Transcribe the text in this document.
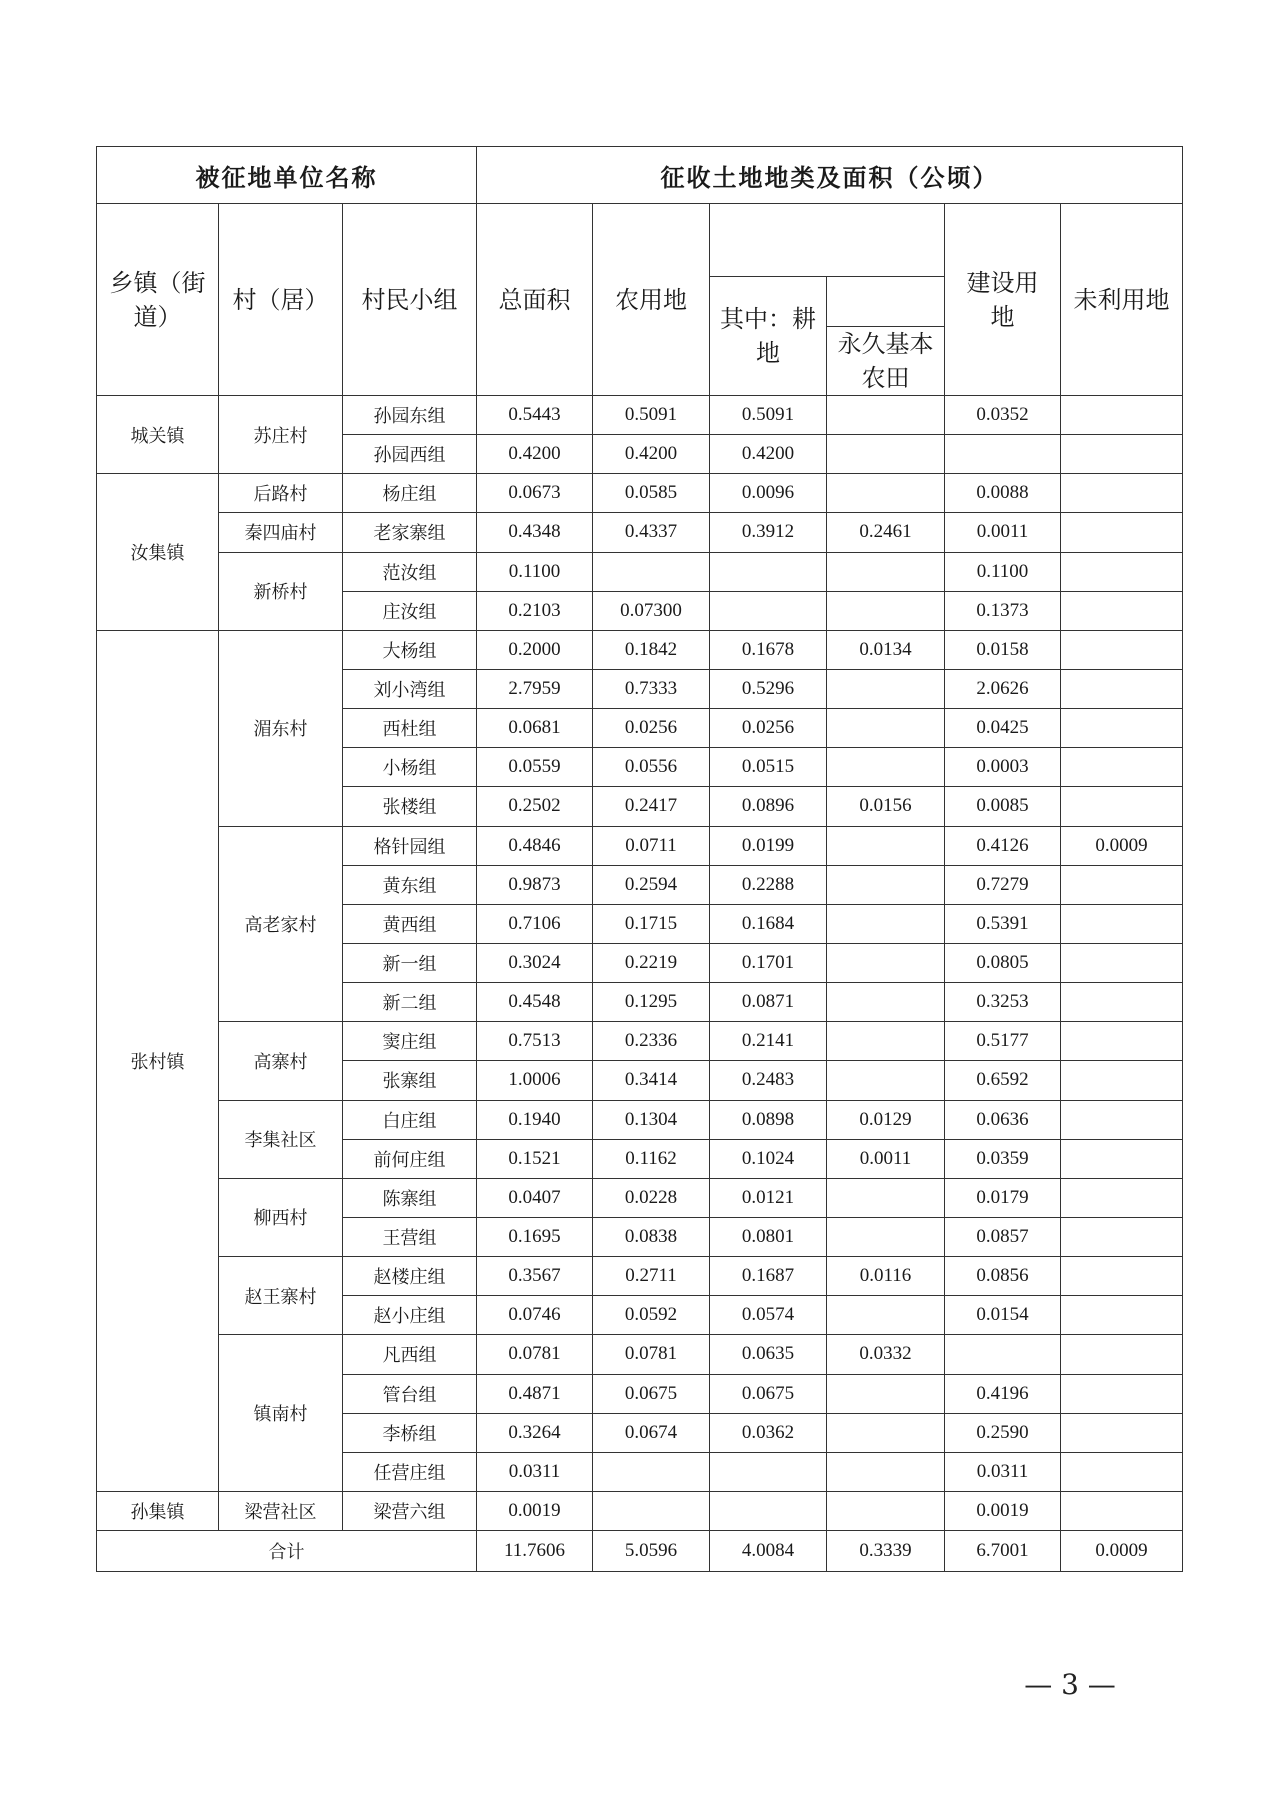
被征地单位名称			征收土地地类及面积（公顷）					
乡镇（街道）	村（居）	村民小组	总面积	农用地			建设用地	未利用地
					其中：耕地			
						永久基本农田		
城关镇	苏庄村	孙园东组	0.5443	0.5091	0.5091		0.0352	
		孙园西组	0.4200	0.4200	0.4200			
汝集镇	后路村	杨庄组	0.0673	0.0585	0.0096		0.0088	
	秦四庙村	老家寨组	0.4348	0.4337	0.3912	0.2461	0.0011	
	新桥村	范汝组	0.1100				0.1100	
		庄汝组	0.2103	0.07300			0.1373	
张村镇	湄东村	大杨组	0.2000	0.1842	0.1678	0.0134	0.0158	
		刘小湾组	2.7959	0.7333	0.5296		2.0626	
		西杜组	0.0681	0.0256	0.0256		0.0425	
		小杨组	0.0559	0.0556	0.0515		0.0003	
		张楼组	0.2502	0.2417	0.0896	0.0156	0.0085	
	高老家村	格针园组	0.4846	0.0711	0.0199		0.4126	0.0009
		黄东组	0.9873	0.2594	0.2288		0.7279	
		黄西组	0.7106	0.1715	0.1684		0.5391	
		新一组	0.3024	0.2219	0.1701		0.0805	
		新二组	0.4548	0.1295	0.0871		0.3253	
	高寨村	窦庄组	0.7513	0.2336	0.2141		0.5177	
		张寨组	1.0006	0.3414	0.2483		0.6592	
	李集社区	白庄组	0.1940	0.1304	0.0898	0.0129	0.0636	
		前何庄组	0.1521	0.1162	0.1024	0.0011	0.0359	
	柳西村	陈寨组	0.0407	0.0228	0.0121		0.0179	
		王营组	0.1695	0.0838	0.0801		0.0857	
	赵王寨村	赵楼庄组	0.3567	0.2711	0.1687	0.0116	0.0856	
		赵小庄组	0.0746	0.0592	0.0574		0.0154	
	镇南村	凡西组	0.0781	0.0781	0.0635	0.0332		
		管台组	0.4871	0.0675	0.0675		0.4196	
		李桥组	0.3264	0.0674	0.0362		0.2590	
		任营庄组	0.0311				0.0311	
孙集镇	梁营社区	梁营六组	0.0019				0.0019	
合计			11.7606	5.0596	4.0084	0.3339	6.7001	0.0009
— 3 —
